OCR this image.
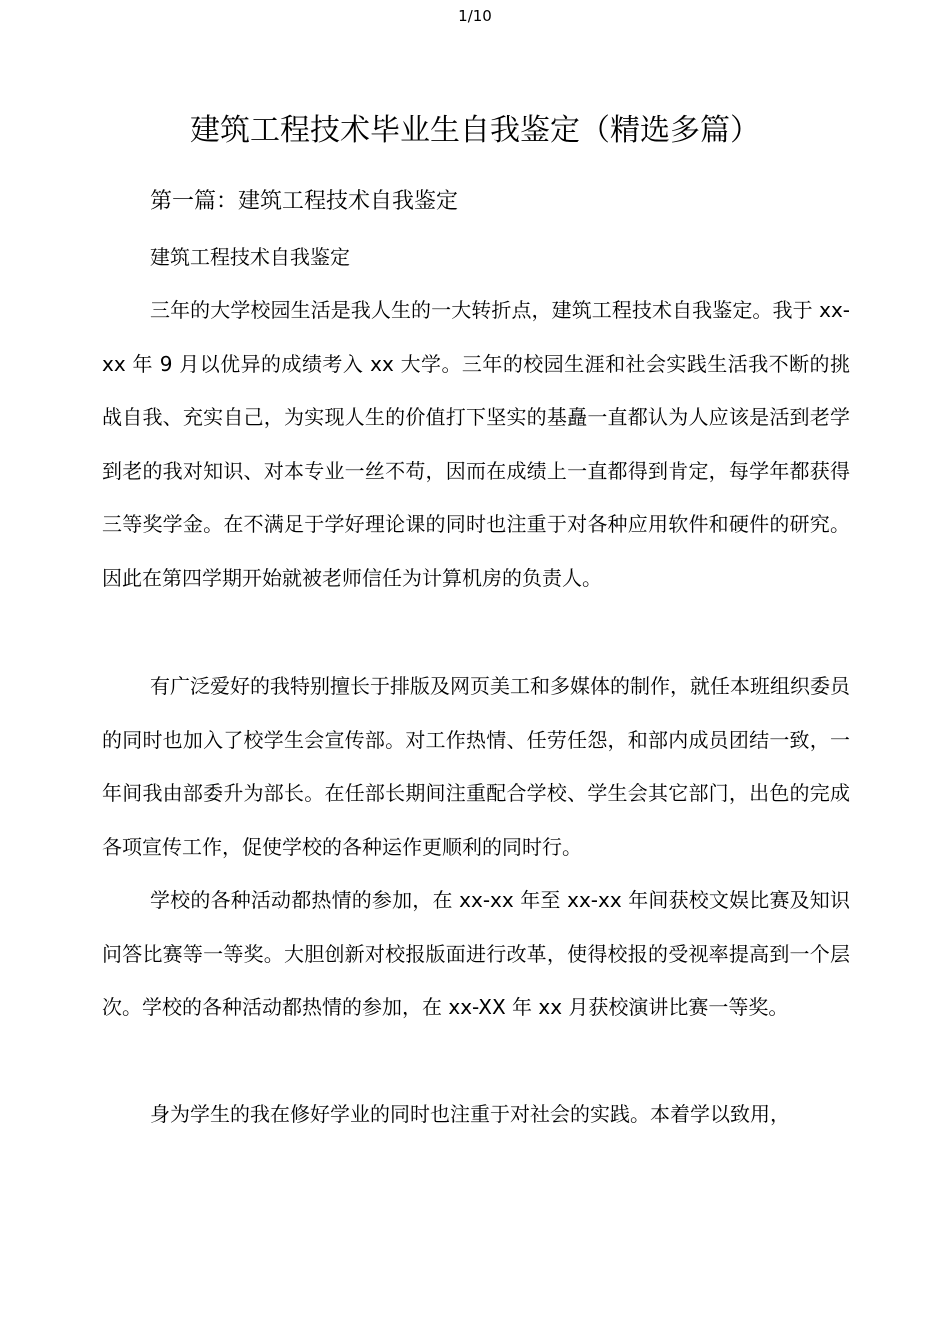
1/10
建筑工程技术毕业生自我鉴定（精选多篇）
第一篇：建筑工程技术自我鉴定
建筑工程技术自我鉴定

三年的大学校园生活是我人生的一大转折点，建筑工程技术自我鉴定。我于 xx-xx 年 9 月以优异的成绩考入 xx 大学。三年的校园生涯和社会实践生活我不断的挑战自我、充实自己，为实现人生的价值打下坚实的基矗一直都认为人应该是活到老学到老的我对知识、对本专业一丝不苟，因而在成绩上一直都得到肯定，每学年都获得三等奖学金。在不满足于学好理论课的同时也注重于对各种应用软件和硬件的研究。因此在第四学期开始就被老师信任为计算机房的负责人。

有广泛爱好的我特别擅长于排版及网页美工和多媒体的制作，就任本班组织委员的同时也加入了校学生会宣传部。对工作热情、任劳任怨，和部内成员团结一致，一年间我由部委升为部长。在任部长期间注重配合学校、学生会其它部门，出色的完成各项宣传工作，促使学校的各种运作更顺利的同时行。

学校的各种活动都热情的参加，在 xx-xx 年至 xx-xx 年间获校文娱比赛及知识问答比赛等一等奖。大胆创新对校报版面进行改革，使得校报的受视率提高到一个层次。学校的各种活动都热情的参加，在 xx-XX 年 xx 月获校演讲比赛一等奖。

身为学生的我在修好学业的同时也注重于对社会的实践。本着学以致用，
